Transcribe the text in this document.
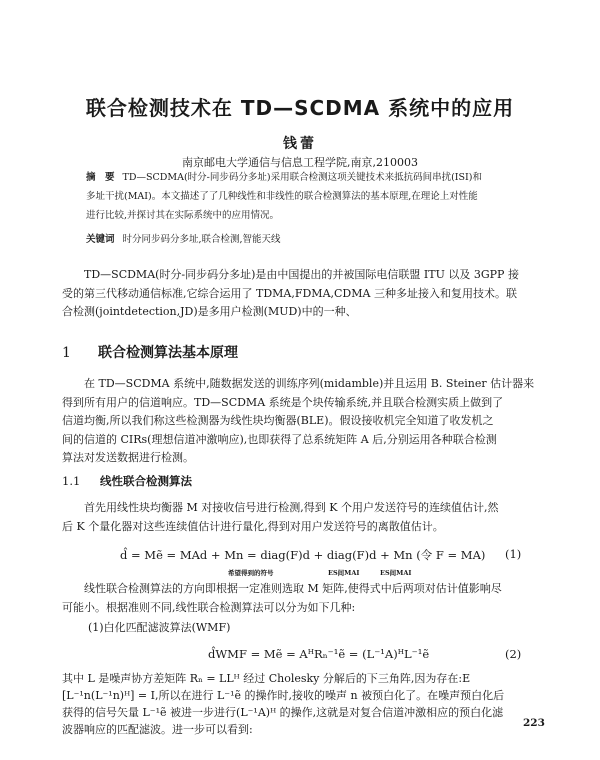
联合检测技术在 TD—SCDMA 系统中的应用
钱蕾
南京邮电大学通信与信息工程学院,南京,210003
摘　要 TD—SCDMA(时分-同步码分多址)采用联合检测这项关键技术来抵抗码间串扰(ISI)和
多址干扰(MAI)。本文描述了了几种线性和非线性的联合检测算法的基本原理,在理论上对性能
进行比较,并探讨其在实际系统中的应用情况。
关键词 时分同步码分多址,联合检测,智能天线
TD—SCDMA(时分-同步码分多址)是由中国提出的并被国际电信联盟 ITU 以及 3GPP 接
受的第三代移动通信标准,它综合运用了 TDMA,FDMA,CDMA 三种多址接入和复用技术。联
合检测(jointdetection,JD)是多用户检测(MUD)中的一种、
1 联合检测算法基本原理
在 TD—SCDMA 系统中,随数据发送的训练序列(midamble)并且运用 B. Steiner 估计器来
得到所有用户的信道响应。TD—SCDMA 系统是个块传输系统,并且联合检测实质上做到了
信道均衡,所以我们称这些检测器为线性块均衡器(BLE)。假设接收机完全知道了收发机之
间的信道的 CIRs(理想信道冲激响应),也即获得了总系统矩阵 A 后,分别运用各种联合检测
算法对发送数据进行检测。
1.1 线性联合检测算法
首先用线性块均衡器 M 对接收信号进行检测,得到 K 个用户发送符号的连续值估计,然
后 K 个量化器对这些连续值估计进行量化,得到对用户发送符号的离散值估计。
d̂ = Mẽ = MAd + Mn = diag(F)d + diag(F)d + Mn (令 F = MA) (1)
希望得到的符号	ES间MAI	ES间MAI
线性联合检测算法的方向即根据一定准则选取 M 矩阵,使得式中后两项对估计值影响尽
可能小。根据准则不同,线性联合检测算法可以分为如下几种:
(1)白化匹配滤波算法(WMF)
d̂WMF = Mẽ = AᴴRₙ⁻¹ẽ = (L⁻¹A)ᴴL⁻¹ẽ	(2)
其中 L 是噪声协方差矩阵 Rₙ = LLᴴ 经过 Cholesky 分解后的下三角阵,因为存在:E
[L⁻¹n(L⁻¹n)ᴴ] = I,所以在进行 L⁻¹ẽ 的操作时,接收的噪声 n 被预白化了。在噪声预白化后
获得的信号矢量 L⁻¹ẽ 被进一步进行(L⁻¹A)ᴴ 的操作,这就是对复合信道冲激相应的预白化滤
波器响应的匹配滤波。进一步可以看到:	223
